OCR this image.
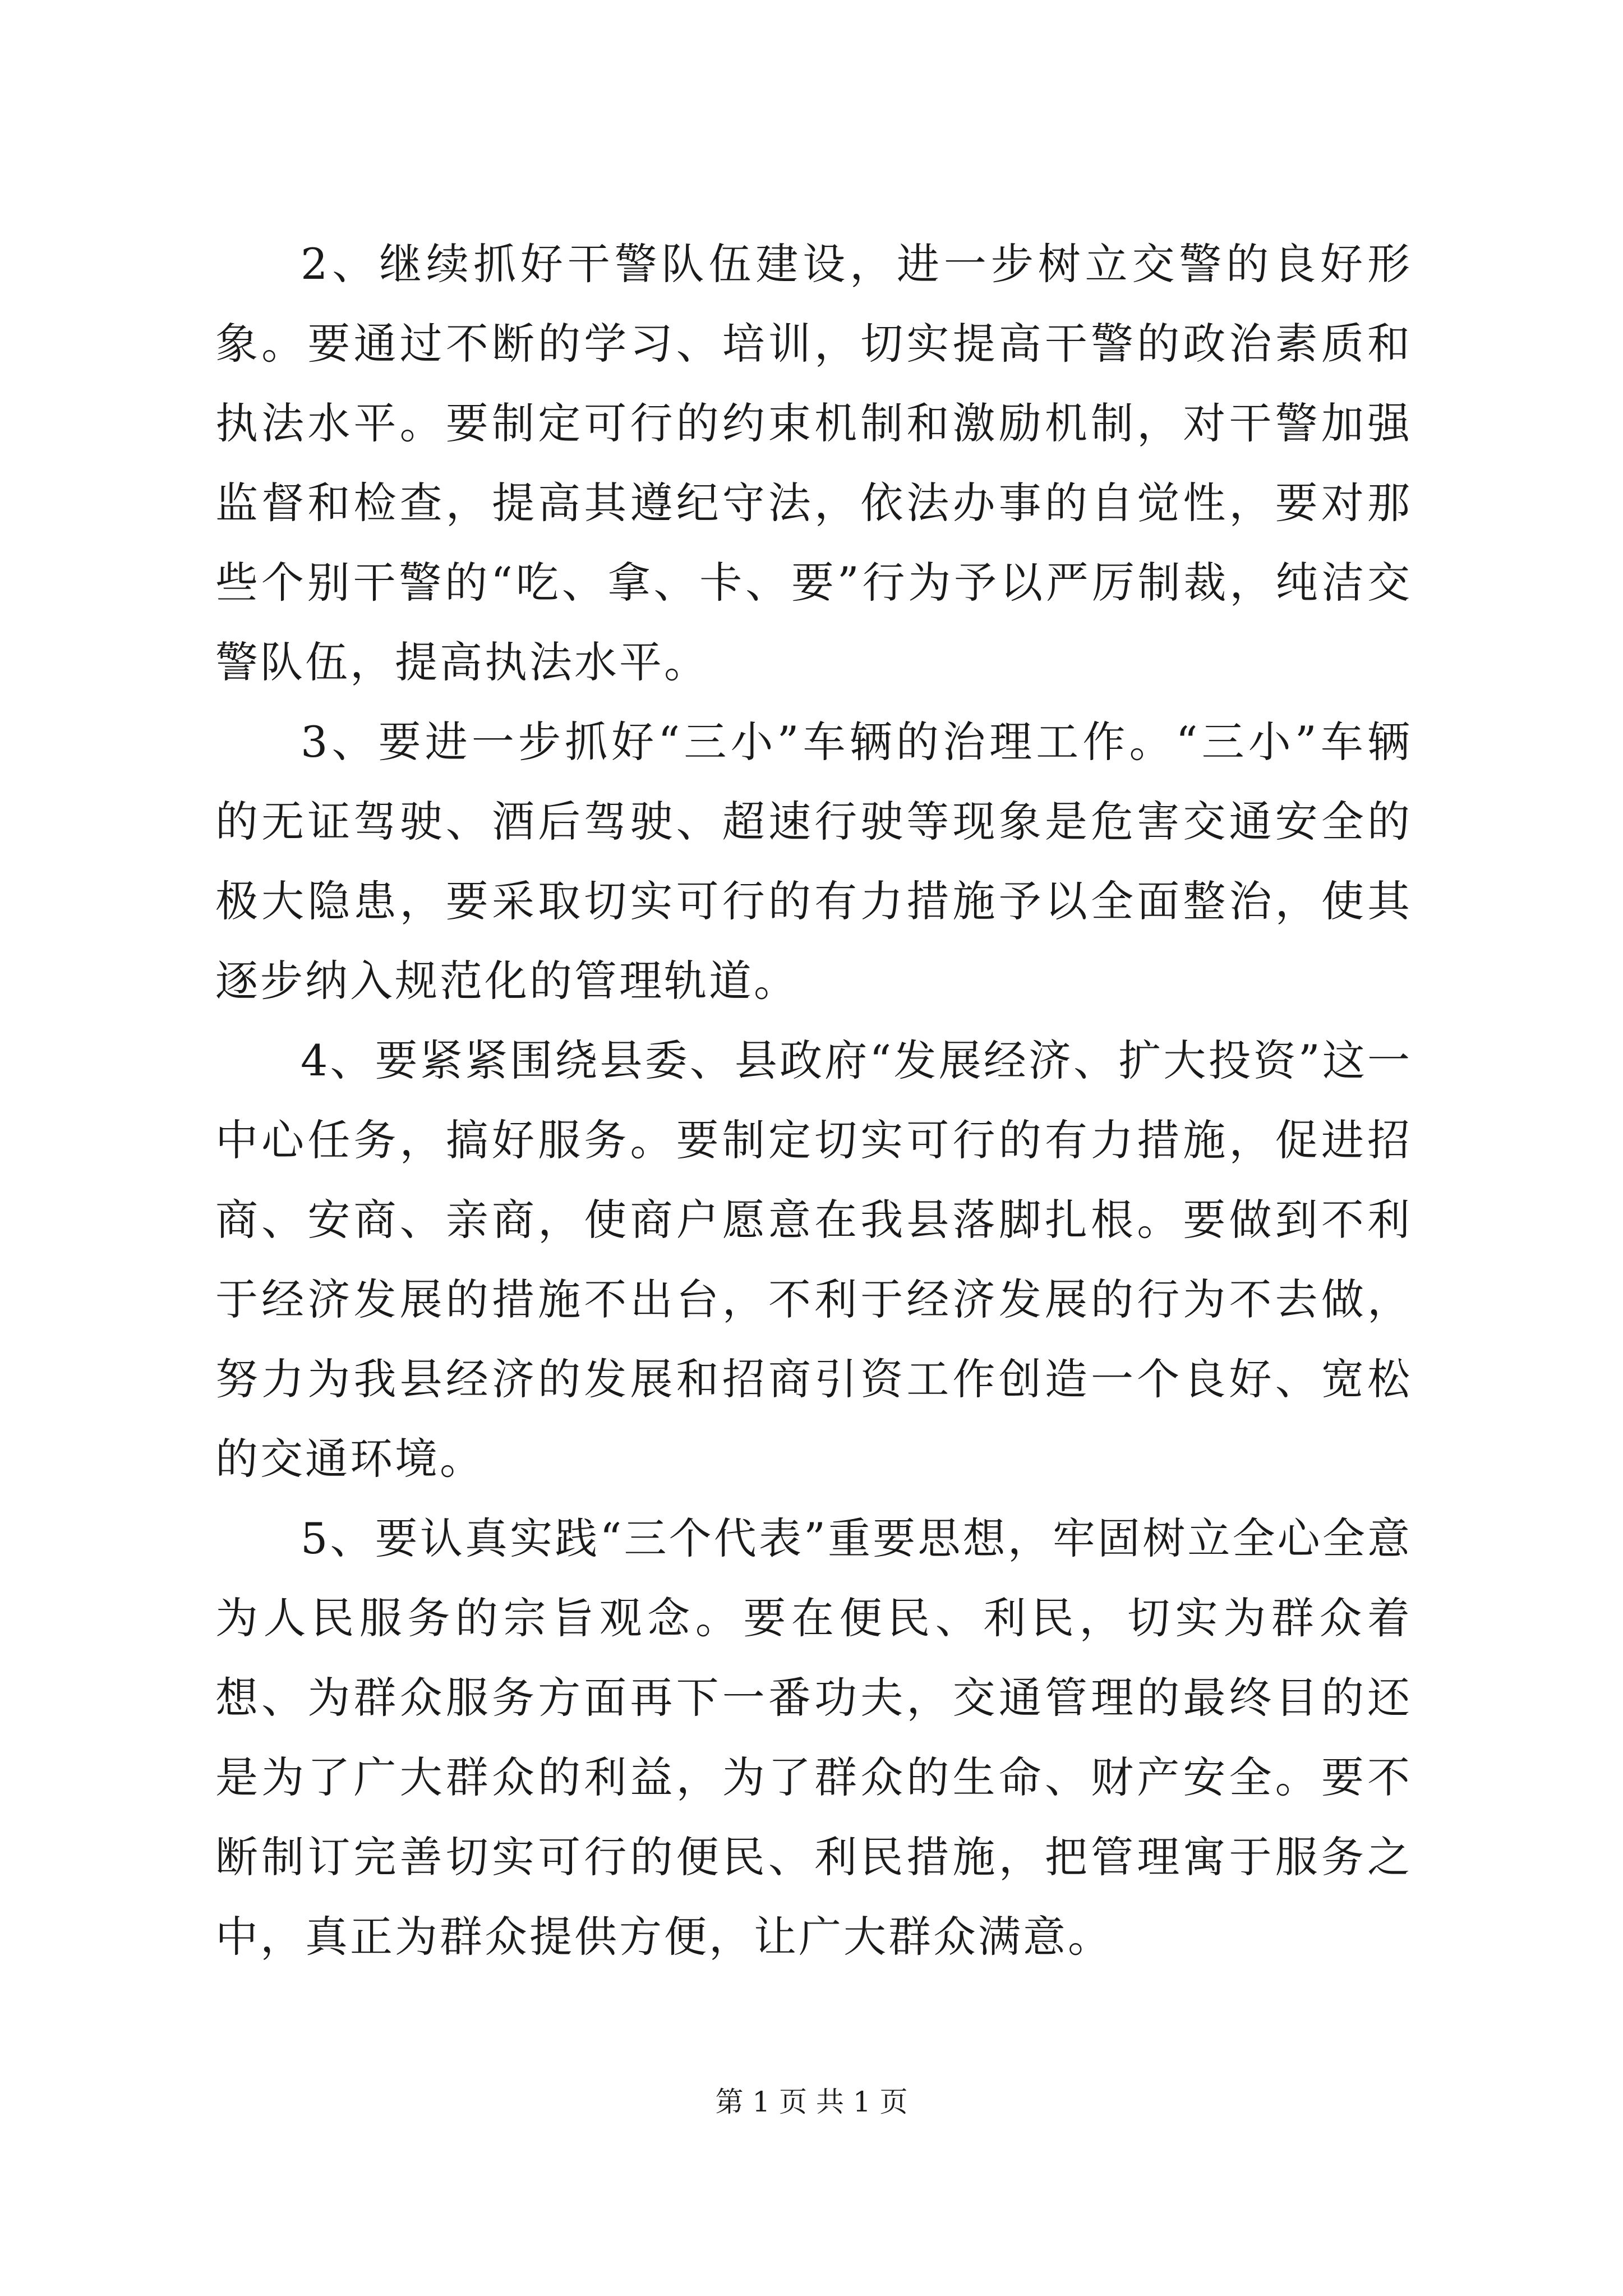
2、继续抓好干警队伍建设，进一步树立交警的良好形象。要通过不断的学习、培训，切实提高干警的政治素质和执法水平。要制定可行的约束机制和激励机制，对干警加强监督和检查，提高其遵纪守法，依法办事的自觉性，要对那些个别干警的“吃、拿、卡、要”行为予以严厉制裁，纯洁交警队伍，提高执法水平。

3、要进一步抓好“三小”车辆的治理工作。“三小”车辆的无证驾驶、酒后驾驶、超速行驶等现象是危害交通安全的极大隐患，要采取切实可行的有力措施予以全面整治，使其逐步纳入规范化的管理轨道。

4、要紧紧围绕县委、县政府“发展经济、扩大投资”这一中心任务，搞好服务。要制定切实可行的有力措施，促进招商、安商、亲商，使商户愿意在我县落脚扎根。要做到不利于经济发展的措施不出台，不利于经济发展的行为不去做，努力为我县经济的发展和招商引资工作创造一个良好、宽松的交通环境。

5、要认真实践“三个代表”重要思想，牢固树立全心全意为人民服务的宗旨观念。要在便民、利民，切实为群众着想、为群众服务方面再下一番功夫，交通管理的最终目的还是为了广大群众的利益，为了群众的生命、财产安全。要不断制订完善切实可行的便民、利民措施，把管理寓于服务之中，真正为群众提供方便，让广大群众满意。

第 1 页 共 1 页
